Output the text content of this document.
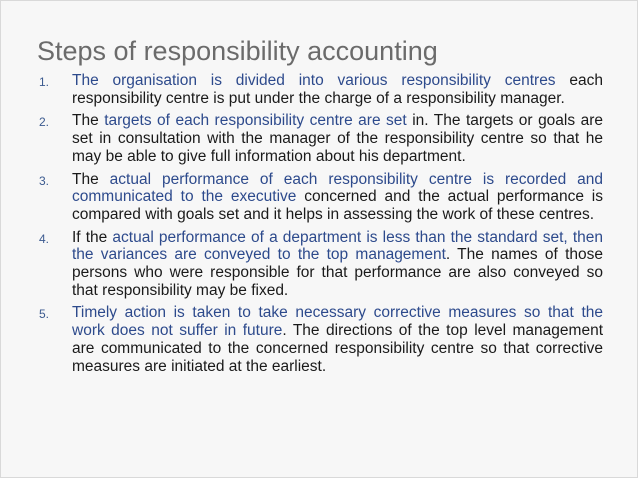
Steps of responsibility accounting
1. The organisation is divided into various responsibility centres each responsibility centre is put under the charge of a responsibility manager.
2. The targets of each responsibility centre are set in. The targets or goals are set in consultation with the manager of the responsibility centre so that he may be able to give full information about his department.
3. The actual performance of each responsibility centre is recorded and communicated to the executive concerned and the actual performance is compared with goals set and it helps in assessing the work of these centres.
4. If the actual performance of a department is less than the standard set, then the variances are conveyed to the top management. The names of those persons who were responsible for that performance are also conveyed so that responsibility may be fixed.
5. Timely action is taken to take necessary corrective measures so that the work does not suffer in future. The directions of the top level management are communicated to the concerned responsibility centre so that corrective measures are initiated at the earliest.
